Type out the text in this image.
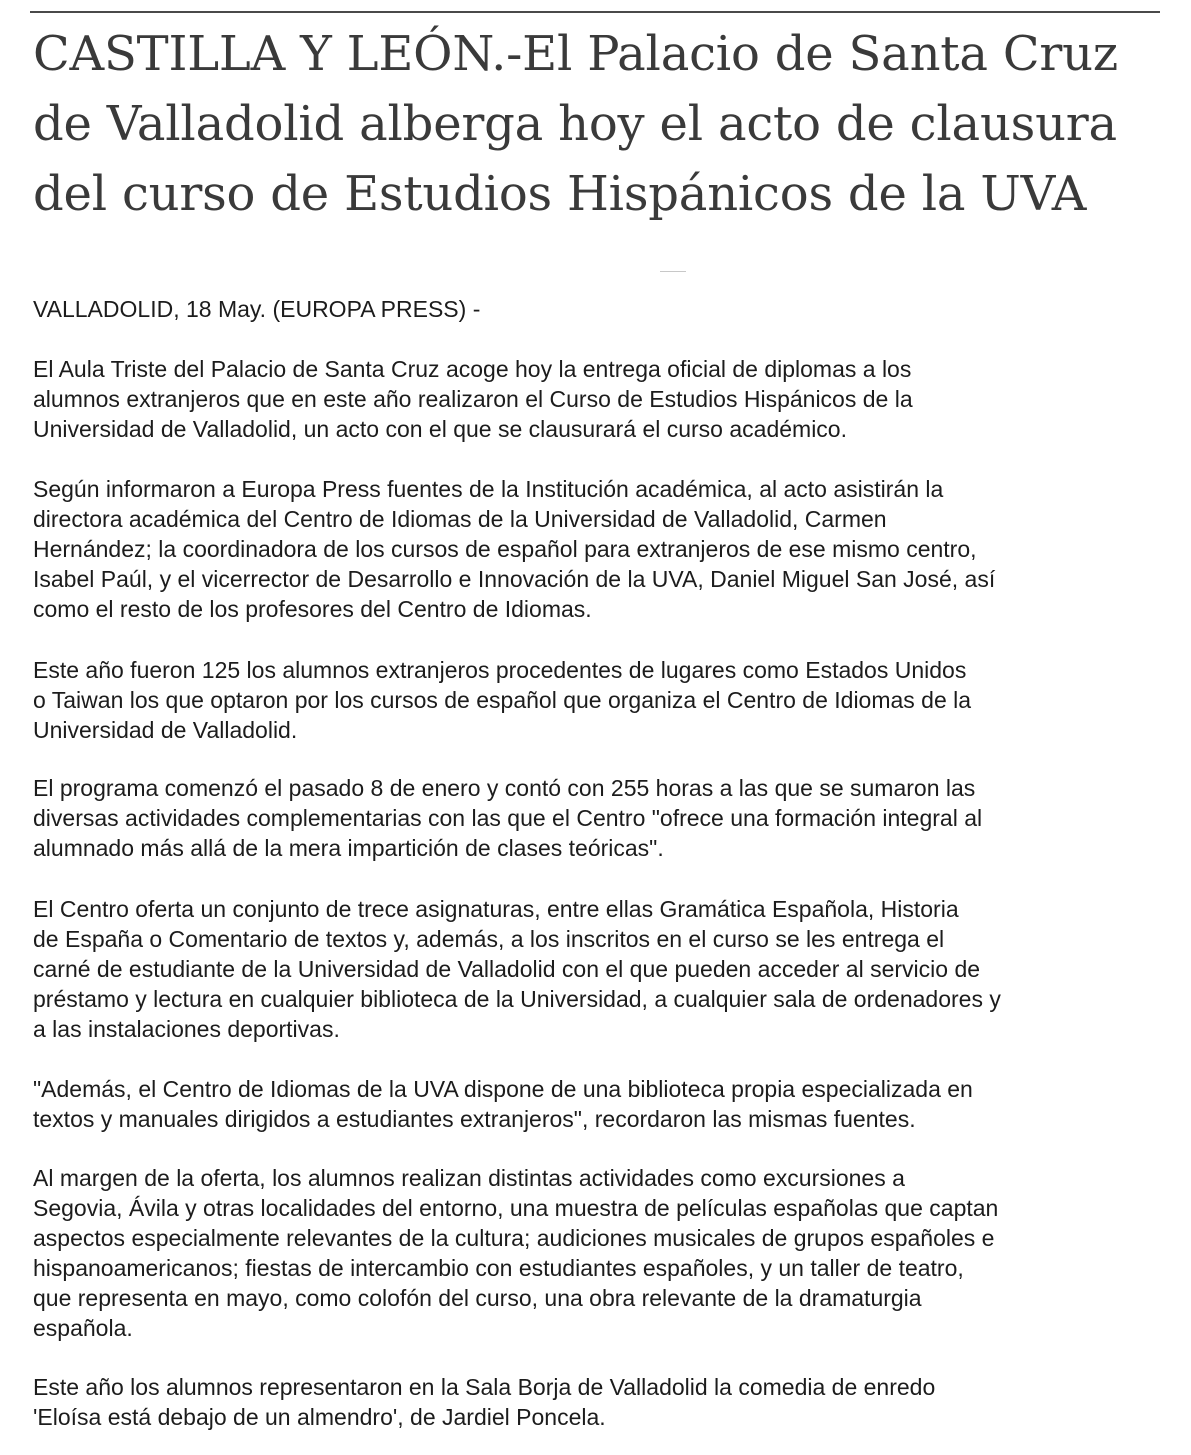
CASTILLA Y LEÓN.-El Palacio de Santa Cruz
de Valladolid alberga hoy el acto de clausura
del curso de Estudios Hispánicos de la UVA

VALLADOLID, 18 May. (EUROPA PRESS) -

El Aula Triste del Palacio de Santa Cruz acoge hoy la entrega oficial de diplomas a los
alumnos extranjeros que en este año realizaron el Curso de Estudios Hispánicos de la
Universidad de Valladolid, un acto con el que se clausurará el curso académico.

Según informaron a Europa Press fuentes de la Institución académica, al acto asistirán la
directora académica del Centro de Idiomas de la Universidad de Valladolid, Carmen
Hernández; la coordinadora de los cursos de español para extranjeros de ese mismo centro,
Isabel Paúl, y el vicerrector de Desarrollo e Innovación de la UVA, Daniel Miguel San José, así
como el resto de los profesores del Centro de Idiomas.

Este año fueron 125 los alumnos extranjeros procedentes de lugares como Estados Unidos
o Taiwan los que optaron por los cursos de español que organiza el Centro de Idiomas de la
Universidad de Valladolid.

El programa comenzó el pasado 8 de enero y contó con 255 horas a las que se sumaron las
diversas actividades complementarias con las que el Centro "ofrece una formación integral al
alumnado más allá de la mera impartición de clases teóricas".

El Centro oferta un conjunto de trece asignaturas, entre ellas Gramática Española, Historia
de España o Comentario de textos y, además, a los inscritos en el curso se les entrega el
carné de estudiante de la Universidad de Valladolid con el que pueden acceder al servicio de
préstamo y lectura en cualquier biblioteca de la Universidad, a cualquier sala de ordenadores y
a las instalaciones deportivas.

"Además, el Centro de Idiomas de la UVA dispone de una biblioteca propia especializada en
textos y manuales dirigidos a estudiantes extranjeros", recordaron las mismas fuentes.

Al margen de la oferta, los alumnos realizan distintas actividades como excursiones a
Segovia, Ávila y otras localidades del entorno, una muestra de películas españolas que captan
aspectos especialmente relevantes de la cultura; audiciones musicales de grupos españoles e
hispanoamericanos; fiestas de intercambio con estudiantes españoles, y un taller de teatro,
que representa en mayo, como colofón del curso, una obra relevante de la dramaturgia
española.

Este año los alumnos representaron en la Sala Borja de Valladolid la comedia de enredo
'Eloísa está debajo de un almendro', de Jardiel Poncela.
